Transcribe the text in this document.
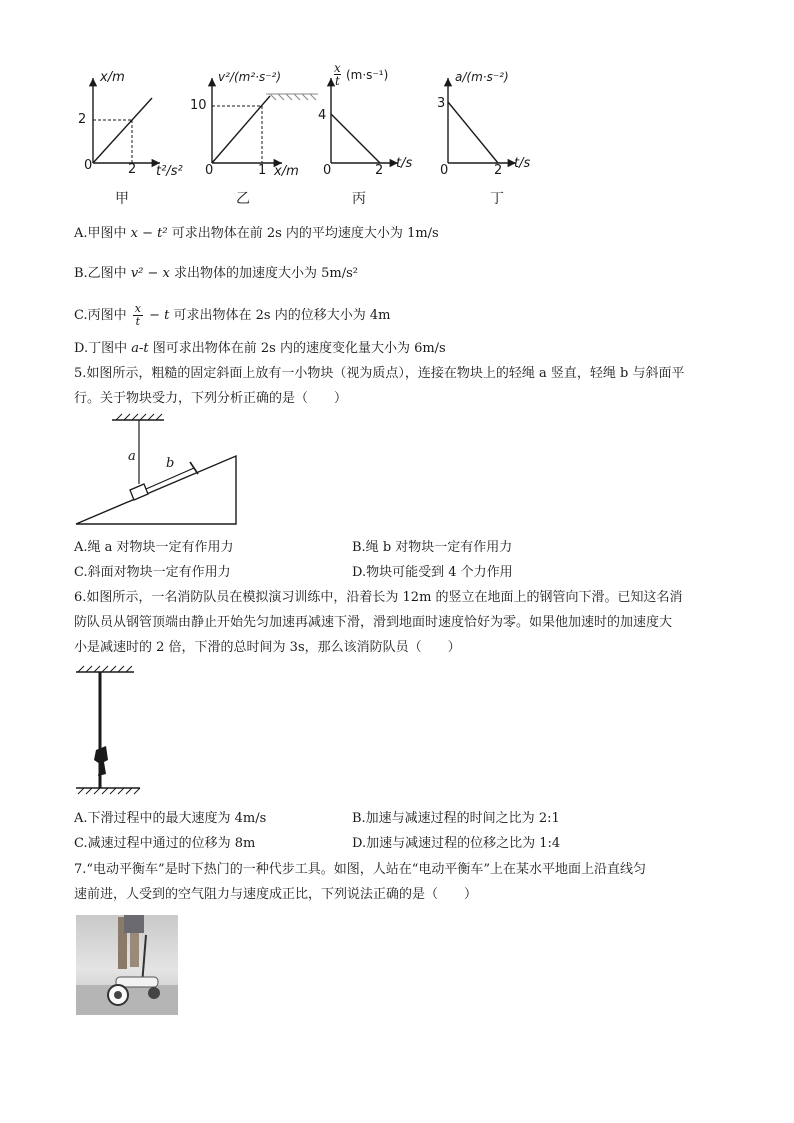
x/m
2
0	2 t²/s²
甲
v²/(m²·s⁻²)
10
0	1 x/m
乙
x
t (m·s⁻¹)
4
0	2 t/s
丙
a/(m·s⁻²)
3
0	2 t/s
丁
A.甲图中 x − t² 可求出物体在前 2s 内的平均速度大小为 1m/s
B.乙图中 v² − x 求出物体的加速度大小为 5m/s²
C.丙图中 $\frac{x}{t} - t$ 可求出物体在 2s 内的位移大小为 4m
D.丁图中 a-t 图可求出物体在前 2s 内的速度变化量大小为 6m/s
5.如图所示，粗糙的固定斜面上放有一小物块（视为质点），连接在物块上的轻绳 a 竖直，轻绳 b 与斜面平
行。关于物块受力，下列分析正确的是（　　）
a b
A.绳 a 对物块一定有作用力	B.绳 b 对物块一定有作用力
C.斜面对物块一定有作用力	D.物块可能受到 4 个力作用
6.如图所示，一名消防队员在模拟演习训练中，沿着长为 12m 的竖立在地面上的钢管向下滑。已知这名消
防队员从钢管顶端由静止开始先匀加速再减速下滑，滑到地面时速度恰好为零。如果他加速时的加速度大
小是减速时的 2 倍，下滑的总时间为 3s，那么该消防队员（　　）
A.下滑过程中的最大速度为 4m/s	B.加速与减速过程的时间之比为 2:1
C.减速过程中通过的位移为 8m	D.加速与减速过程的位移之比为 1:4
7.“电动平衡车”是时下热门的一种代步工具。如图，人站在“电动平衡车”上在某水平地面上沿直线匀
速前进，人受到的空气阻力与速度成正比，下列说法正确的是（　　）
